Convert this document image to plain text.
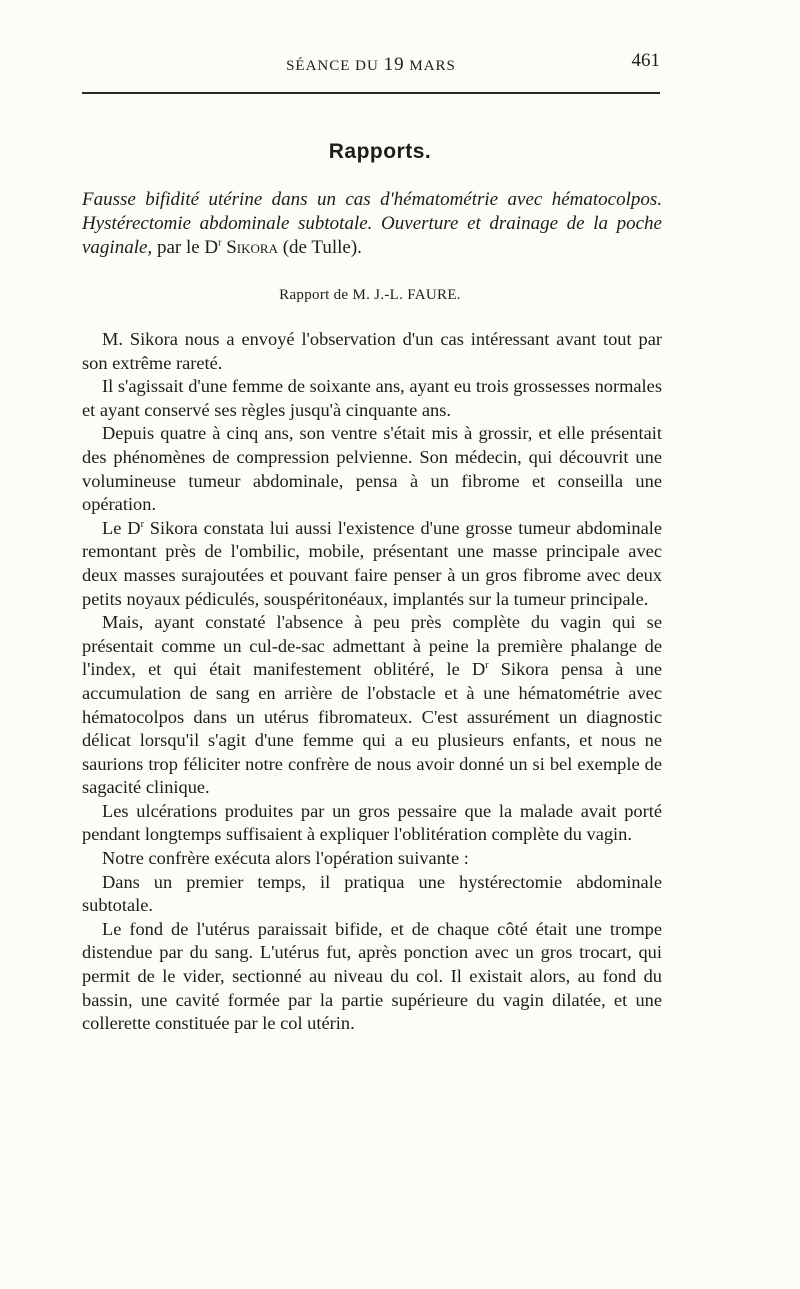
SÉANCE DU 19 MARS	461
Rapports.
Fausse bifidité utérine dans un cas d'hématométrie avec hématocolpos. Hystérectomie abdominale subtotale. Ouverture et drainage de la poche vaginale, par le $D^r$ Sikora (de Tulle).
Rapport de M. J.-L. FAURE.

M. Sikora nous a envoyé l'observation d'un cas intéressant avant tout par son extrême rareté.

Il s'agissait d'une femme de soixante ans, ayant eu trois grossesses normales et ayant conservé ses règles jusqu'à cinquante ans.

Depuis quatre à cinq ans, son ventre s'était mis à grossir, et elle présentait des phénomènes de compression pelvienne. Son médecin, qui découvrit une volumineuse tumeur abdominale, pensa à un fibrome et conseilla une opération.

Le $D^r$ Sikora constata lui aussi l'existence d'une grosse tumeur abdominale remontant près de l'ombilic, mobile, présentant une masse principale avec deux masses surajoutées et pouvant faire penser à un gros fibrome avec deux petits noyaux pédiculés, souspéritonéaux, implantés sur la tumeur principale.

Mais, ayant constaté l'absence à peu près complète du vagin qui se présentait comme un cul-de-sac admettant à peine la première phalange de l'index, et qui était manifestement oblitéré, le $D^r$ Sikora pensa à une accumulation de sang en arrière de l'obstacle et à une hématométrie avec hématocolpos dans un utérus fibromateux. C'est assurément un diagnostic délicat lorsqu'il s'agit d'une femme qui a eu plusieurs enfants, et nous ne saurions trop féliciter notre confrère de nous avoir donné un si bel exemple de sagacité clinique.

Les ulcérations produites par un gros pessaire que la malade avait porté pendant longtemps suffisaient à expliquer l'oblitération complète du vagin.

Notre confrère exécuta alors l'opération suivante :

Dans un premier temps, il pratiqua une hystérectomie abdominale subtotale.

Le fond de l'utérus paraissait bifide, et de chaque côté était une trompe distendue par du sang. L'utérus fut, après ponction avec un gros trocart, qui permit de le vider, sectionné au niveau du col. Il existait alors, au fond du bassin, une cavité formée par la partie supérieure du vagin dilatée, et une collerette constituée par le col utérin.
